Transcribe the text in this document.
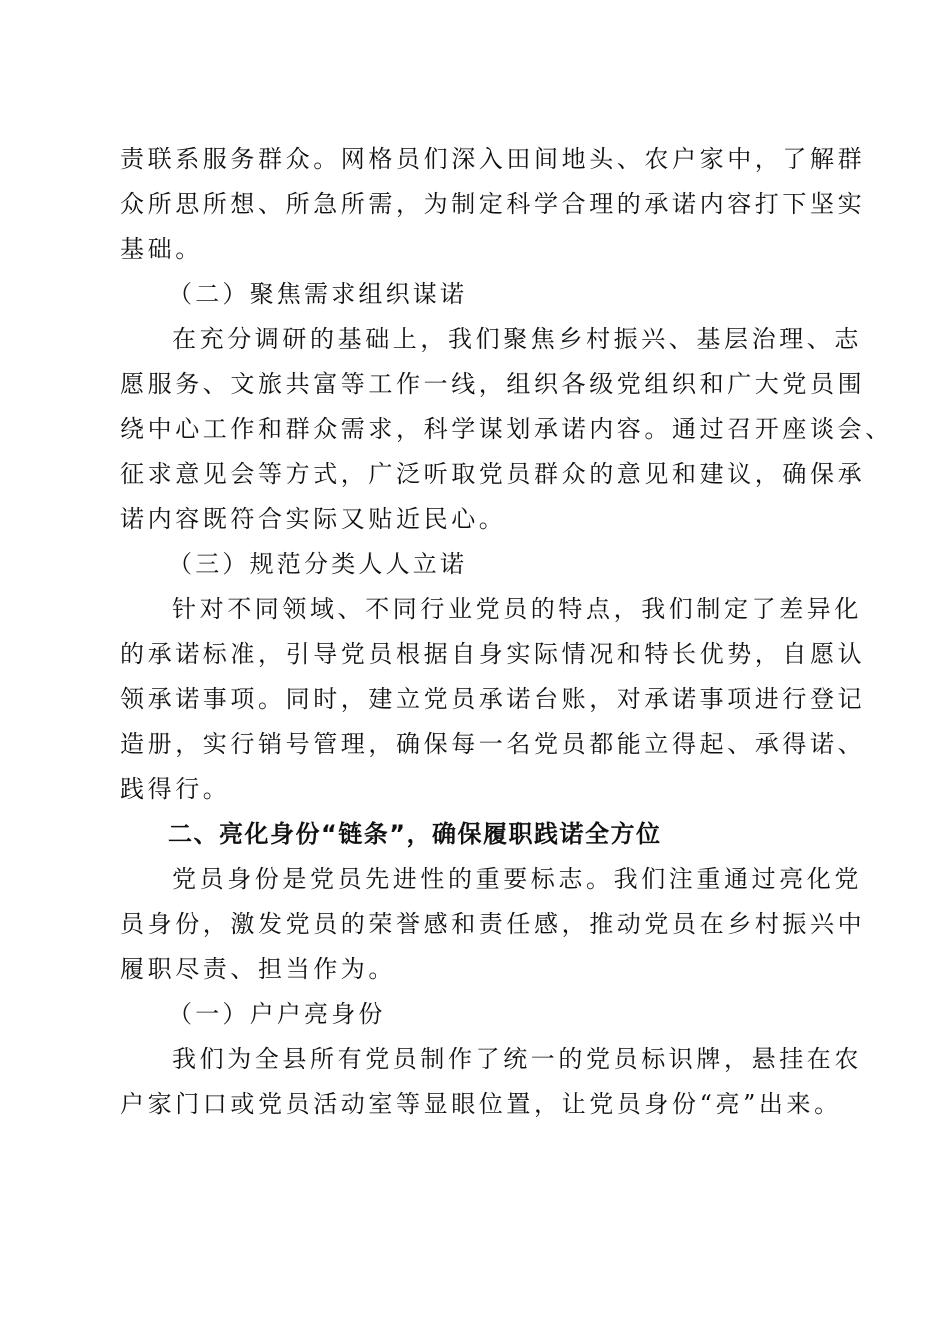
责联系服务群众。网格员们深入田间地头、农户家中，了解群
众所思所想、所急所需，为制定科学合理的承诺内容打下坚实
基础。

（二）聚焦需求组织谋诺

在充分调研的基础上，我们聚焦乡村振兴、基层治理、志
愿服务、文旅共富等工作一线，组织各级党组织和广大党员围
绕中心工作和群众需求，科学谋划承诺内容。通过召开座谈会、
征求意见会等方式，广泛听取党员群众的意见和建议，确保承
诺内容既符合实际又贴近民心。

（三）规范分类人人立诺

针对不同领域、不同行业党员的特点，我们制定了差异化
的承诺标准，引导党员根据自身实际情况和特长优势，自愿认
领承诺事项。同时，建立党员承诺台账，对承诺事项进行登记
造册，实行销号管理，确保每一名党员都能立得起、承得诺、
践得行。

二、亮化身份“链条”，确保履职践诺全方位

党员身份是党员先进性的重要标志。我们注重通过亮化党
员身份，激发党员的荣誉感和责任感，推动党员在乡村振兴中
履职尽责、担当作为。

（一）户户亮身份

我们为全县所有党员制作了统一的党员标识牌，悬挂在农
户家门口或党员活动室等显眼位置，让党员身份“亮”出来。
